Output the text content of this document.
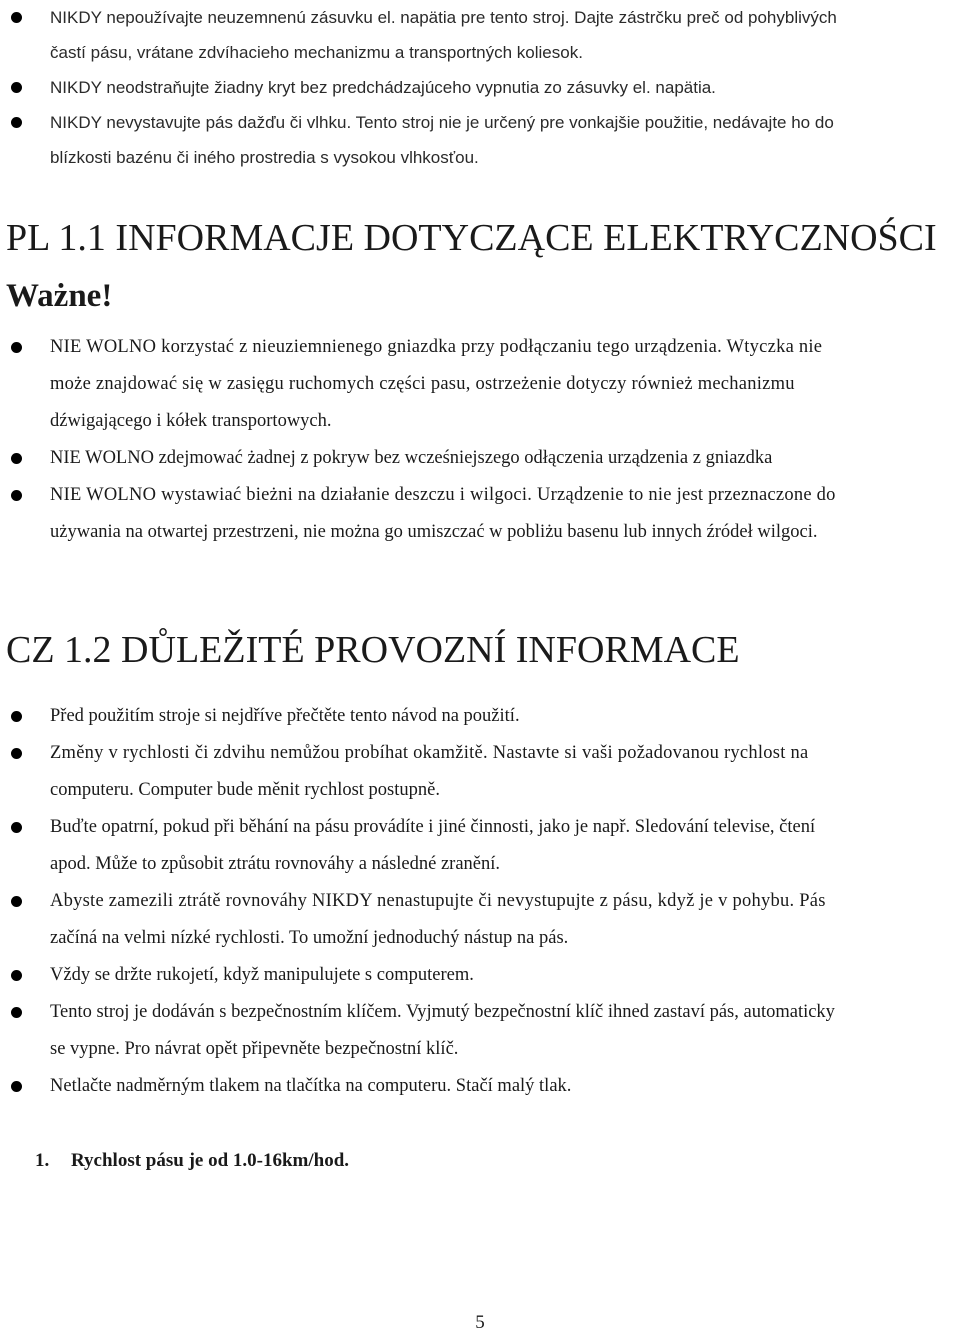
NIKDY nepoužívajte neuzemnenú zásuvku el. napätia pre tento stroj. Dajte zástrčku preč od pohyblivých
častí pásu, vrátane zdvíhacieho mechanizmu a transportných koliesok.
NIKDY neodstraňujte žiadny kryt bez predchádzajúceho vypnutia zo zásuvky el. napätia.
NIKDY nevystavujte pás dažďu či vlhku. Tento stroj nie je určený pre vonkajšie použitie, nedávajte ho do
blízkosti bazénu či iného prostredia s vysokou vlhkosťou.
PL 1.1 INFORMACJE DOTYCZĄCE ELEKTRYCZNOŚCI
Ważne!
NIE WOLNO korzystać z nieuziemnienego gniazdka przy podłączaniu tego urządzenia. Wtyczka nie
może znajdować się w zasięgu ruchomych części pasu, ostrzeżenie dotyczy również mechanizmu
dźwigającego i kółek transportowych.
NIE WOLNO zdejmować żadnej z pokryw bez wcześniejszego odłączenia urządzenia z gniazdka
NIE WOLNO wystawiać bieżni na działanie deszczu i wilgoci. Urządzenie to nie jest przeznaczone do
używania na otwartej przestrzeni, nie można go umiszczać w pobliżu basenu lub innych źródeł wilgoci.
CZ 1.2 DŮLEŽITÉ PROVOZNÍ INFORMACE
Před použitím stroje si nejdříve přečtěte tento návod na použití.
Změny v rychlosti či zdvihu nemůžou probíhat okamžitě. Nastavte si vaši požadovanou rychlost na
computeru. Computer bude měnit rychlost postupně.
Buďte opatrní, pokud při běhání na pásu provádíte i jiné činnosti, jako je např. Sledování televise, čtení
apod. Může to způsobit ztrátu rovnováhy a následné zranění.
Abyste zamezili ztrátě rovnováhy NIKDY nenastupujte či nevystupujte z pásu, když je v pohybu. Pás
začíná na velmi nízké rychlosti. To umožní jednoduchý nástup na pás.
Vždy se držte rukojetí, když manipulujete s computerem.
Tento stroj je dodáván s bezpečnostním klíčem. Vyjmutý bezpečnostní klíč ihned zastaví pás, automaticky
se vypne. Pro návrat opět připevněte bezpečnostní klíč.
Netlačte nadměrným tlakem na tlačítka na computeru. Stačí malý tlak.
1. Rychlost pásu je od 1.0-16km/hod.
5
